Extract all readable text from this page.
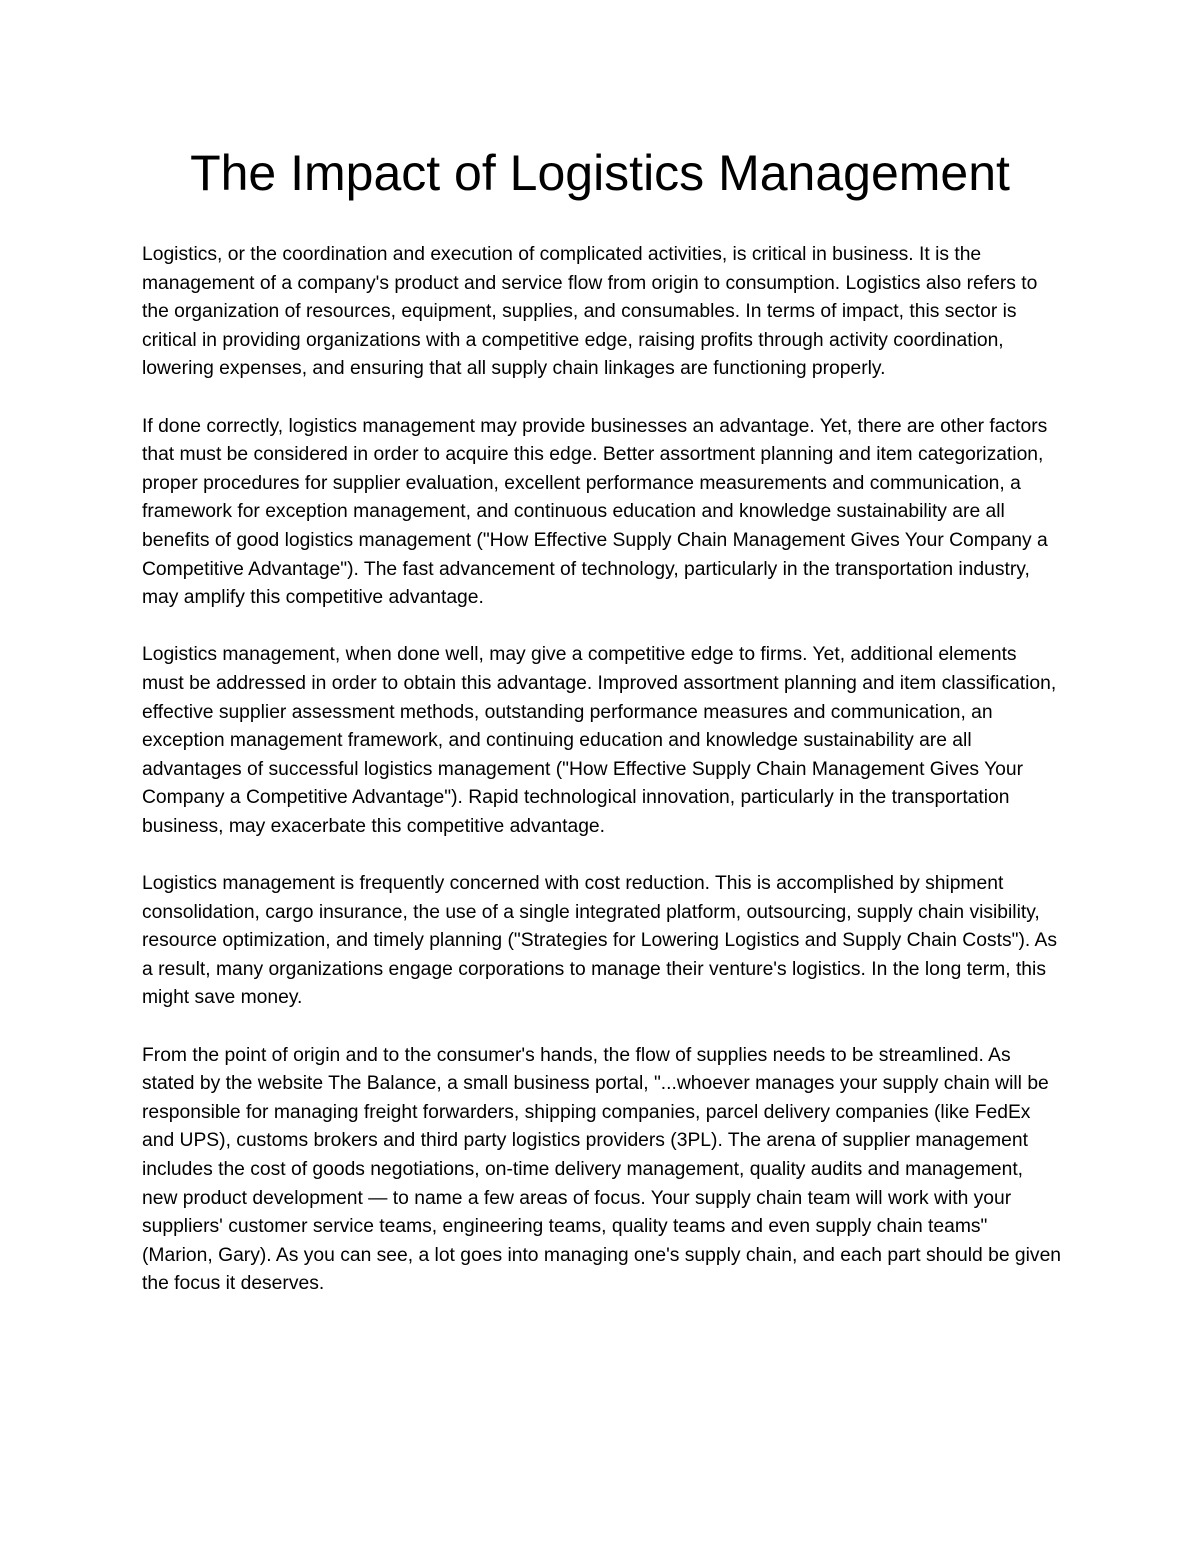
The Impact of Logistics Management

Logistics, or the coordination and execution of complicated activities, is critical in business. It is the management of a company's product and service flow from origin to consumption. Logistics also refers to the organization of resources, equipment, supplies, and consumables. In terms of impact, this sector is critical in providing organizations with a competitive edge, raising profits through activity coordination, lowering expenses, and ensuring that all supply chain linkages are functioning properly.

If done correctly, logistics management may provide businesses an advantage. Yet, there are other factors that must be considered in order to acquire this edge. Better assortment planning and item categorization, proper procedures for supplier evaluation, excellent performance measurements and communication, a framework for exception management, and continuous education and knowledge sustainability are all benefits of good logistics management ("How Effective Supply Chain Management Gives Your Company a Competitive Advantage"). The fast advancement of technology, particularly in the transportation industry, may amplify this competitive advantage.

Logistics management, when done well, may give a competitive edge to firms. Yet, additional elements must be addressed in order to obtain this advantage. Improved assortment planning and item classification, effective supplier assessment methods, outstanding performance measures and communication, an exception management framework, and continuing education and knowledge sustainability are all advantages of successful logistics management ("How Effective Supply Chain Management Gives Your Company a Competitive Advantage"). Rapid technological innovation, particularly in the transportation business, may exacerbate this competitive advantage.

Logistics management is frequently concerned with cost reduction. This is accomplished by shipment consolidation, cargo insurance, the use of a single integrated platform, outsourcing, supply chain visibility, resource optimization, and timely planning ("Strategies for Lowering Logistics and Supply Chain Costs"). As a result, many organizations engage corporations to manage their venture's logistics. In the long term, this might save money.

From the point of origin and to the consumer's hands, the flow of supplies needs to be streamlined. As stated by the website The Balance, a small business portal, "...whoever manages your supply chain will be responsible for managing freight forwarders, shipping companies, parcel delivery companies (like FedEx and UPS), customs brokers and third party logistics providers (3PL). The arena of supplier management includes the cost of goods negotiations, on-time delivery management, quality audits and management, new product development — to name a few areas of focus. Your supply chain team will work with your suppliers' customer service teams, engineering teams, quality teams and even supply chain teams" (Marion, Gary). As you can see, a lot goes into managing one's supply chain, and each part should be given the focus it deserves.
